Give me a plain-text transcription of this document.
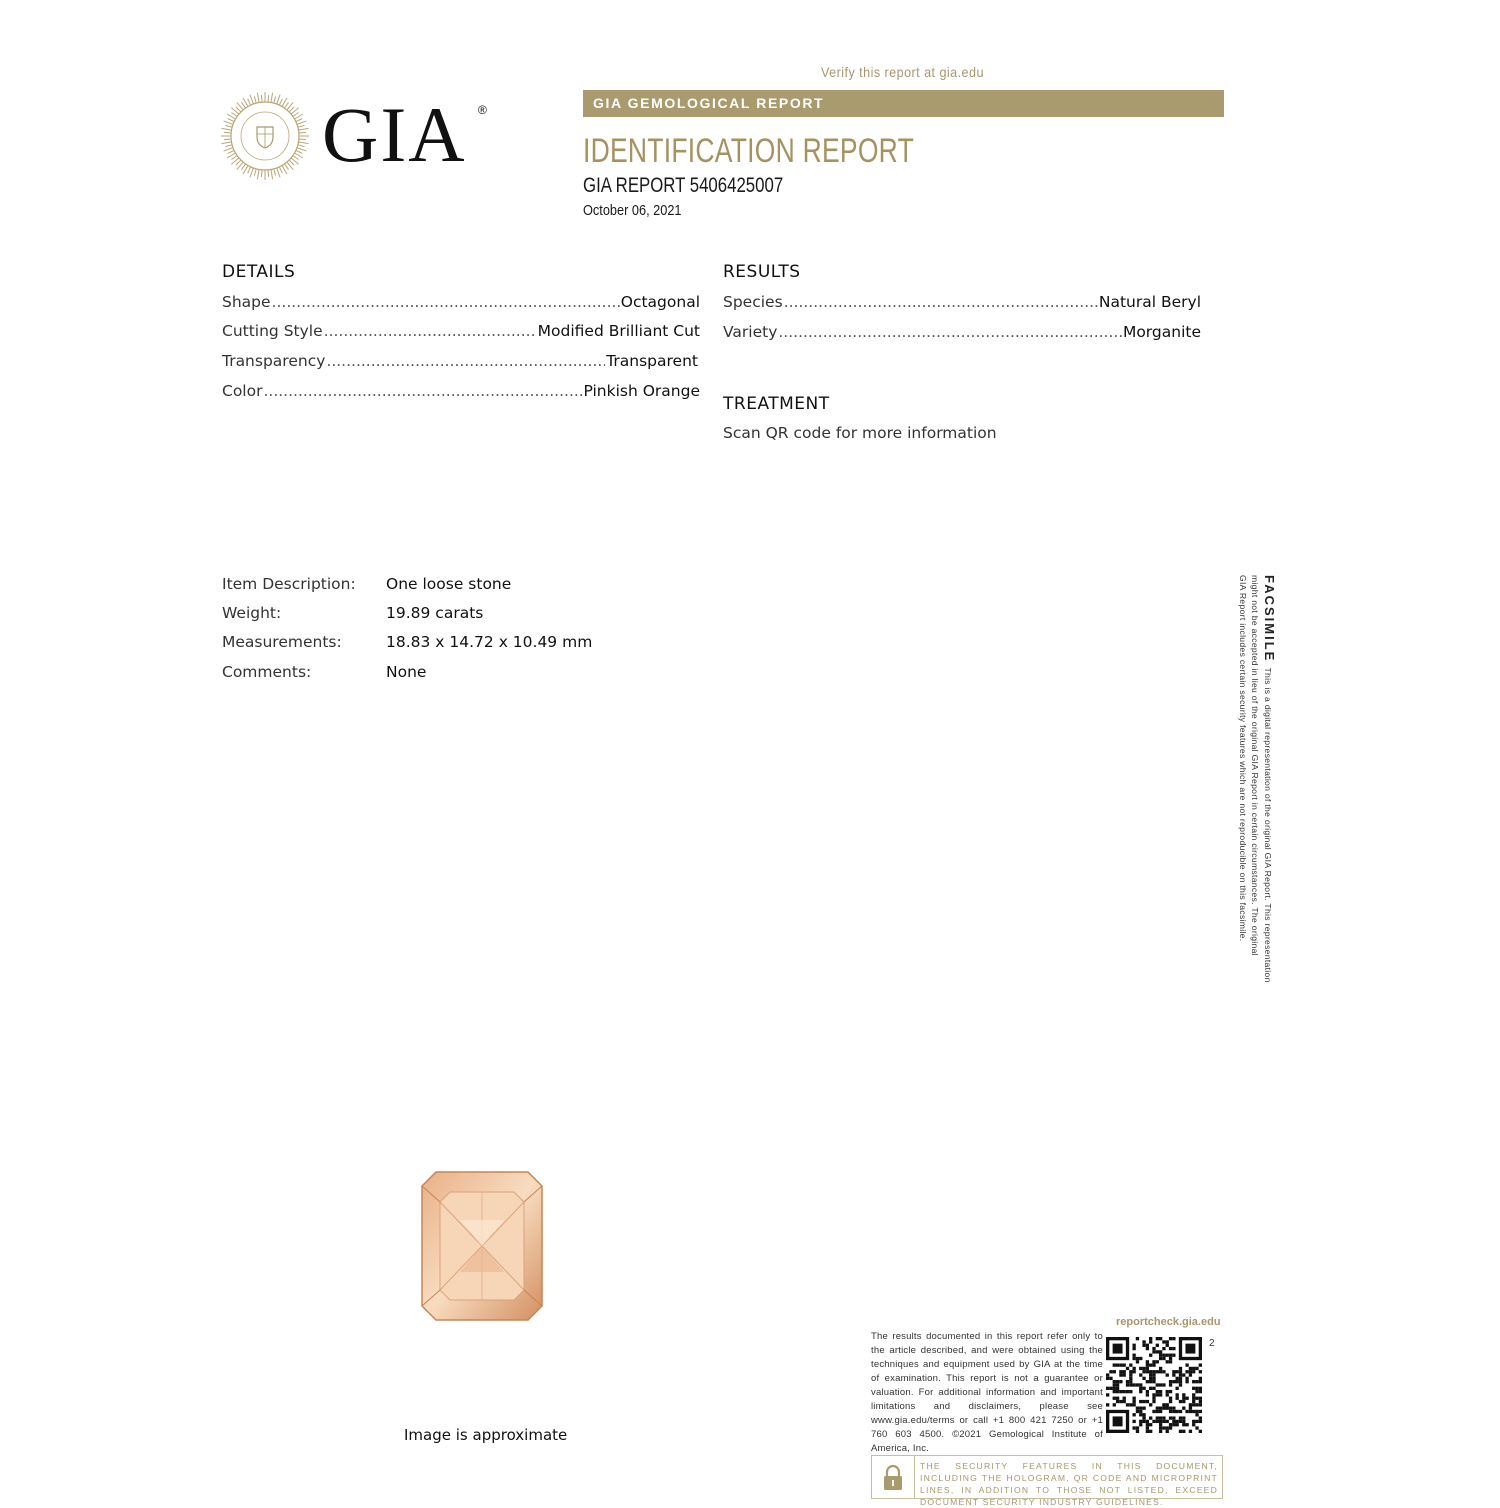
Verify this report at gia.edu
GIA GEMOLOGICAL REPORT
IDENTIFICATION REPORT
GIA REPORT 5406425007
October 06, 2021
GIA ®
DETAILS
Shape .....	Octagonal
Cutting Style .....	Modified Brilliant Cut
Transparency .....	Transparent
Color .....	Pinkish Orange
RESULTS
Species .....	Natural Beryl
Variety .....	Morganite
TREATMENT
Scan QR code for more information
Item Description: One loose stone
Weight:	19.89 carats
Measurements:	18.83 x 14.72 x 10.49 mm
Comments:	None
FACSIMILE This is a digital representation of the original GIA Report. This representation
might not be accepted in lieu of the original GIA Report in certain circumstances. The original
GIA Report includes certain security features which are not reproducible on this facsimile.
Image is approximate
reportcheck.gia.edu
The results documented in this report refer only to the article described, and were obtained using the techniques and equipment used by GIA at the time of examination. This report is not a guarantee or valuation. For additional information and important limitations and disclaimers, please see www.gia.edu/terms or call +1 800 421 7250 or +1 760 603 4500. ©2021 Gemological Institute of America, Inc.
2
THE SECURITY FEATURES IN THIS DOCUMENT, INCLUDING THE HOLOGRAM, QR CODE AND MICROPRINT LINES, IN ADDITION TO THOSE NOT LISTED, EXCEED DOCUMENT SECURITY INDUSTRY GUIDELINES.
